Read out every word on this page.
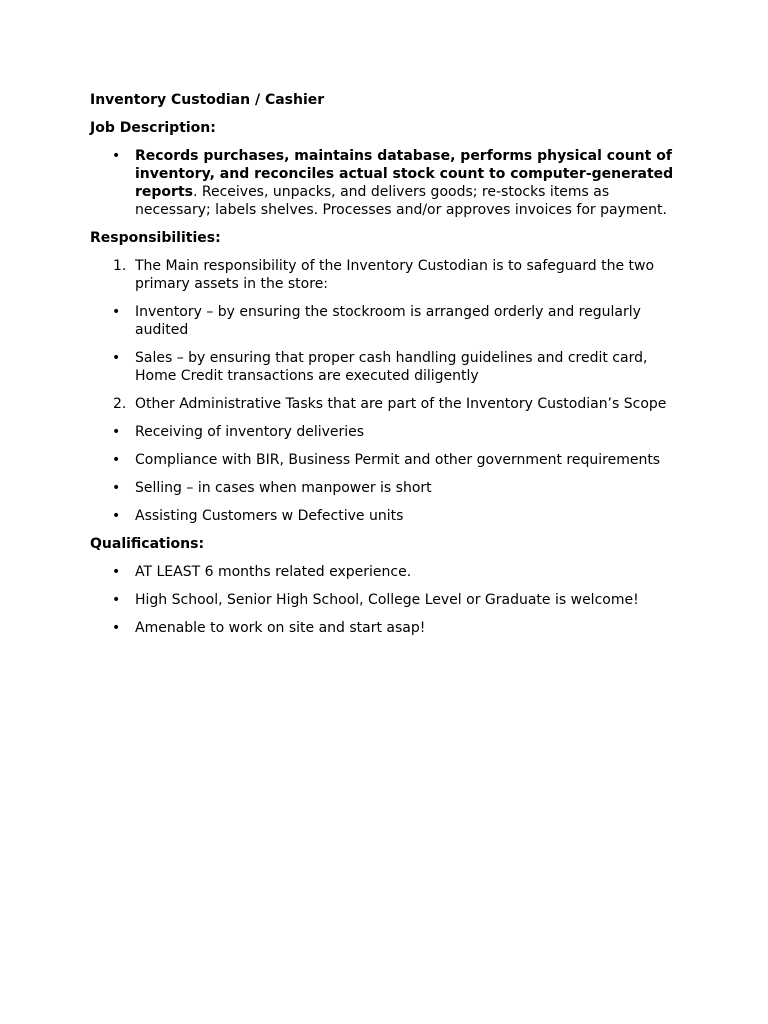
Inventory Custodian / Cashier
Job Description:
•	Records purchases, maintains database, performs physical count of inventory, and reconciles actual stock count to computer-generated reports. Receives, unpacks, and delivers goods; re-stocks items as necessary; labels shelves. Processes and/or approves invoices for payment.
Responsibilities:
1. The Main responsibility of the Inventory Custodian is to safeguard the two primary assets in the store:
•	Inventory – by ensuring the stockroom is arranged orderly and regularly audited
•	Sales – by ensuring that proper cash handling guidelines and credit card, Home Credit transactions are executed diligently
2. Other Administrative Tasks that are part of the Inventory Custodian’s Scope
•	Receiving of inventory deliveries
•	Compliance with BIR, Business Permit and other government requirements
•	Selling – in cases when manpower is short
•	Assisting Customers w Defective units
Qualifications:
•	AT LEAST 6 months related experience.
•	High School, Senior High School, College Level or Graduate is welcome!
•	Amenable to work on site and start asap!
